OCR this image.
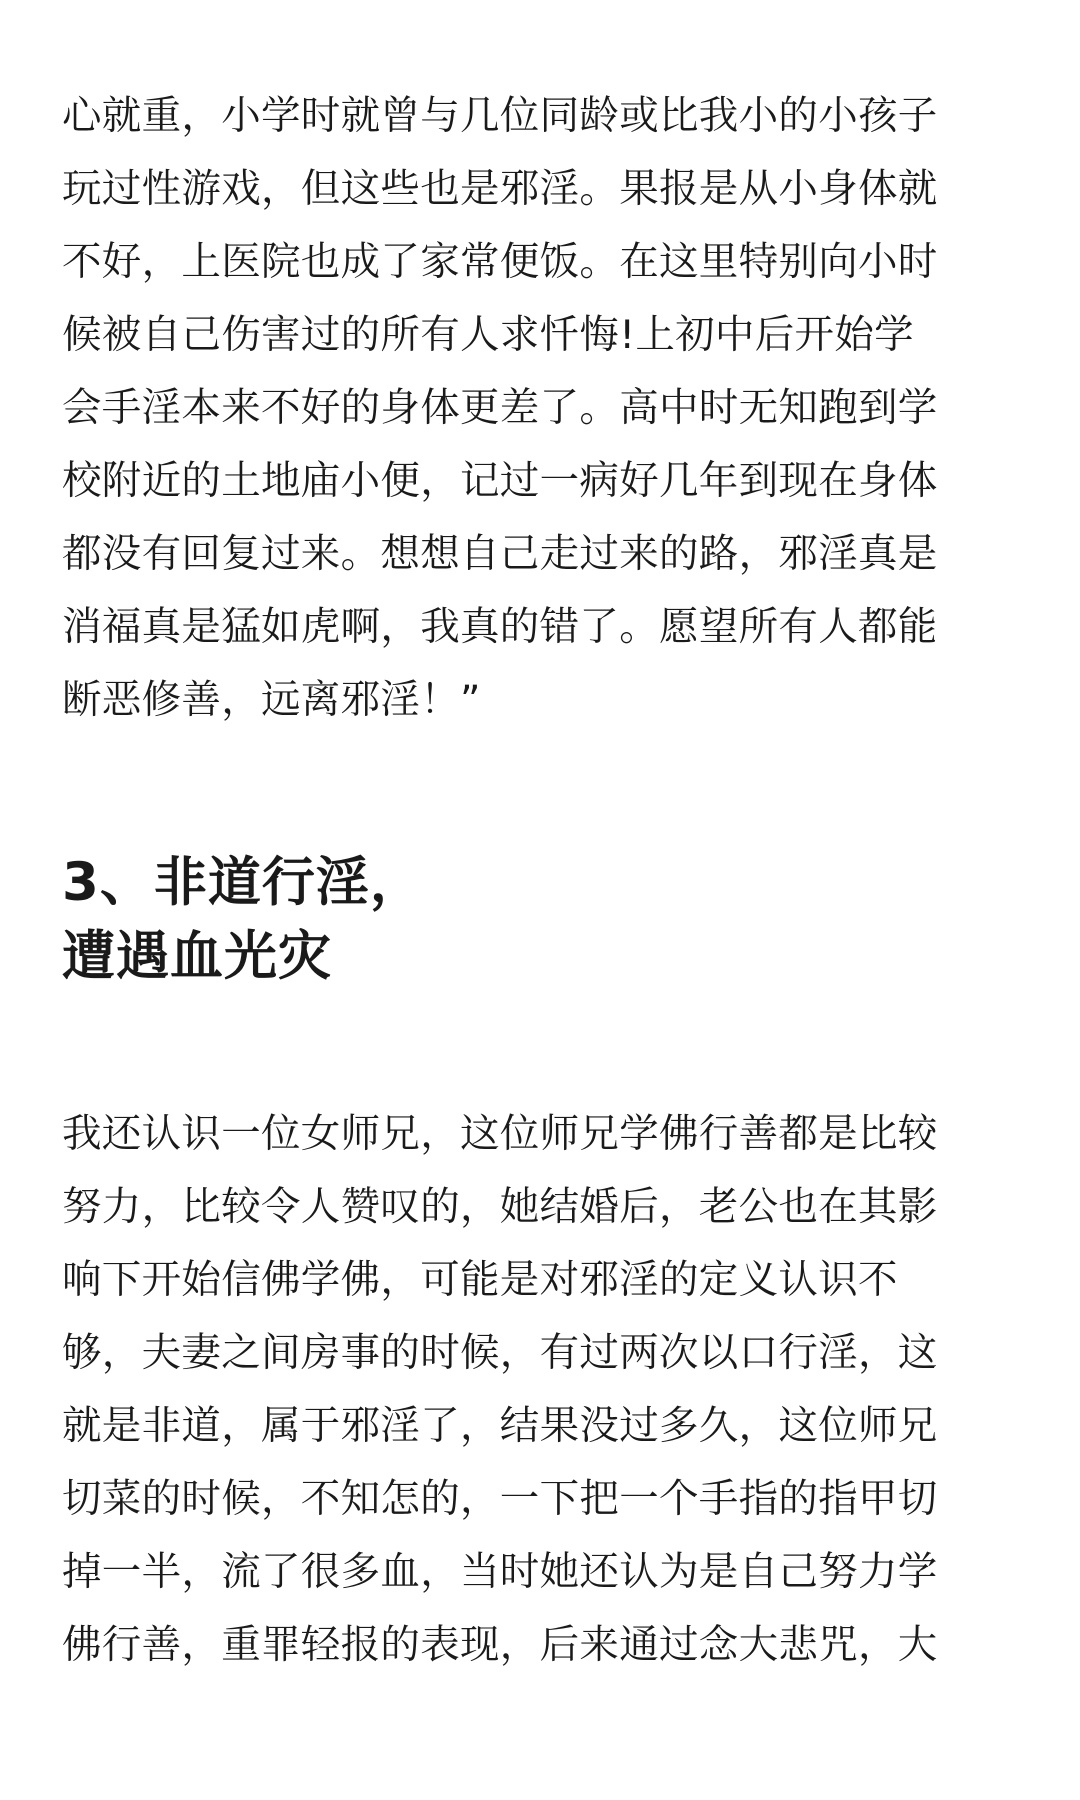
心就重，小学时就曾与几位同龄或比我小的小孩子
玩过性游戏，但这些也是邪淫。果报是从小身体就
不好，上医院也成了家常便饭。在这里特别向小时
候被自己伤害过的所有人求忏悔!上初中后开始学
会手淫本来不好的身体更差了。高中时无知跑到学
校附近的土地庙小便，记过一病好几年到现在身体
都没有回复过来。想想自己走过来的路，邪淫真是
消福真是猛如虎啊，我真的错了。愿望所有人都能
断恶修善，远离邪淫！”

3、非道行淫，
遭遇血光灾

我还认识一位女师兄，这位师兄学佛行善都是比较
努力，比较令人赞叹的，她结婚后，老公也在其影
响下开始信佛学佛，可能是对邪淫的定义认识不
够，夫妻之间房事的时候，有过两次以口行淫，这
就是非道，属于邪淫了，结果没过多久，这位师兄
切菜的时候，不知怎的，一下把一个手指的指甲切
掉一半，流了很多血，当时她还认为是自己努力学
佛行善，重罪轻报的表现，后来通过念大悲咒，大
